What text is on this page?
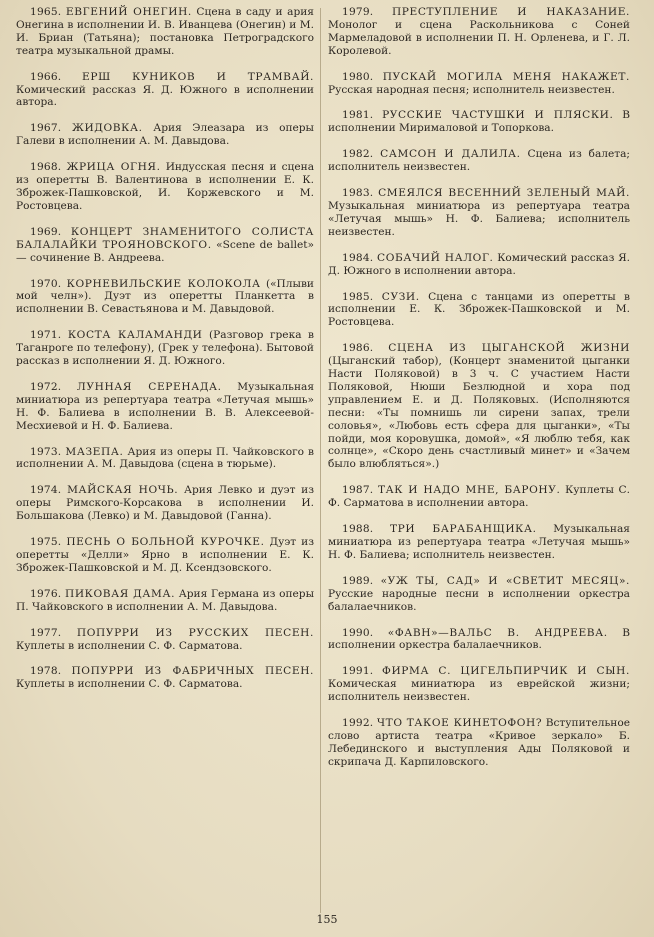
1965. ЕВГЕНИЙ ОНЕГИН. Сцена в саду и ария Онегина в исполнении И. В. Иванцева (Онегин) и М. И. Бриан (Татьяна); постановка Петроградского театра музыкальной драмы.

1966. ЕРШ КУНИКОВ И ТРАМВАЙ. Комический рассказ Я. Д. Южного в исполнении автора.

1967. ЖИДОВКА. Ария Элеазара из оперы Галеви в исполнении А. М. Давыдова.

1968. ЖРИЦА ОГНЯ. Индусская песня и сцена из оперетты В. Валентинова в исполнении Е. К. Зброжек-Пашковской, И. Коржевского и М. Ростовцева.

1969. КОНЦЕРТ ЗНАМЕНИТОГО СОЛИСТА БАЛАЛАЙКИ ТРОЯНОВСКОГО. «Scene de ballet» — сочинение В. Андреева.

1970. КОРНЕВИЛЬСКИЕ КОЛОКОЛА («Плыви мой челн»). Дуэт из оперетты Планкетта в исполнении В. Севастьянова и М. Давыдовой.

1971. КОСТА КАЛАМАНДИ (Разговор грека в Таганроге по телефону), (Грек у телефона). Бытовой рассказ в исполнении Я. Д. Южного.

1972. ЛУННАЯ СЕРЕНАДА. Музыкальная миниатюра из репертуара театра «Летучая мышь» Н. Ф. Балиева в исполнении В. В. Алексеевой-Месхиевой и Н. Ф. Балиева.

1973. МАЗЕПА. Ария из оперы П. Чайковского в исполнении А. М. Давыдова (сцена в тюрьме).

1974. МАЙСКАЯ НОЧЬ. Ария Левко и дуэт из оперы Римского-Корсакова в исполнении И. Большакова (Левко) и М. Давыдовой (Ганна).

1975. ПЕСНЬ О БОЛЬНОЙ КУРОЧКЕ. Дуэт из оперетты «Делли» Ярно в исполнении Е. К. Зброжек-Пашковской и М. Д. Ксендзовского.

1976. ПИКОВАЯ ДАМА. Ария Германа из оперы П. Чайковского в исполнении А. М. Давыдова.

1977. ПОПУРРИ ИЗ РУССКИХ ПЕСЕН. Куплеты в исполнении С. Ф. Сарматова.

1978. ПОПУРРИ ИЗ ФАБРИЧНЫХ ПЕСЕН. Куплеты в исполнении С. Ф. Сарматова.

1979. ПРЕСТУПЛЕНИЕ И НАКАЗАНИЕ. Монолог и сцена Раскольникова с Соней Мармеладовой в исполнении П. Н. Орленева, и Г. Л. Королевой.

1980. ПУСКАЙ МОГИЛА МЕНЯ НАКАЖЕТ. Русская народная песня; исполнитель неизвестен.

1981. РУССКИЕ ЧАСТУШКИ И ПЛЯСКИ. В исполнении Мирималовой и Топоркова.

1982. САМСОН И ДАЛИЛА. Сцена из балета; исполнитель неизвестен.

1983. СМЕЯЛСЯ ВЕСЕННИЙ ЗЕЛЕНЫЙ МАЙ. Музыкальная миниатюра из репертуара театра «Летучая мышь» Н. Ф. Балиева; исполнитель неизвестен.

1984. СОБАЧИЙ НАЛОГ. Комический рассказ Я. Д. Южного в исполнении автора.

1985. СУЗИ. Сцена с танцами из оперетты в исполнении Е. К. Зброжек-Пашковской и М. Ростовцева.

1986. СЦЕНА ИЗ ЦЫГАНСКОЙ ЖИЗНИ (Цыганский табор), (Концерт знаменитой цыганки Насти Поляковой) в 3 ч. С участием Насти Поляковой, Нюши Безлюдной и хора под управлением Е. и Д. Поляковых. (Исполняются песни: «Ты помнишь ли сирени запах, трели соловья», «Любовь есть сфера для цыганки», «Ты пойди, моя коровушка, домой», «Я люблю тебя, как солнце», «Скоро день счастливый минет» и «Зачем было влюбляться».)

1987. ТАК И НАДО МНЕ, БАРОНУ. Куплеты С. Ф. Сарматова в исполнении автора.

1988. ТРИ БАРАБАНЩИКА. Музыкальная миниатюра из репертуара театра «Летучая мышь» Н. Ф. Балиева; исполнитель неизвестен.

1989. «УЖ ТЫ, САД» И «СВЕТИТ МЕСЯЦ». Русские народные песни в исполнении оркестра балалаечников.

1990. «ФАВН»—ВАЛЬС В. АНДРЕЕВА. В исполнении оркестра балалаечников.

1991. ФИРМА С. ЦИГЕЛЬПИРЧИК И СЫН. Комическая миниатюра из еврейской жизни; исполнитель неизвестен.

1992. ЧТО ТАКОЕ КИНЕТОФОН? Вступительное слово артиста театра «Кривое зеркало» Б. Лебединского и выступления Ады Поляковой и скрипача Д. Карпиловского.

155
